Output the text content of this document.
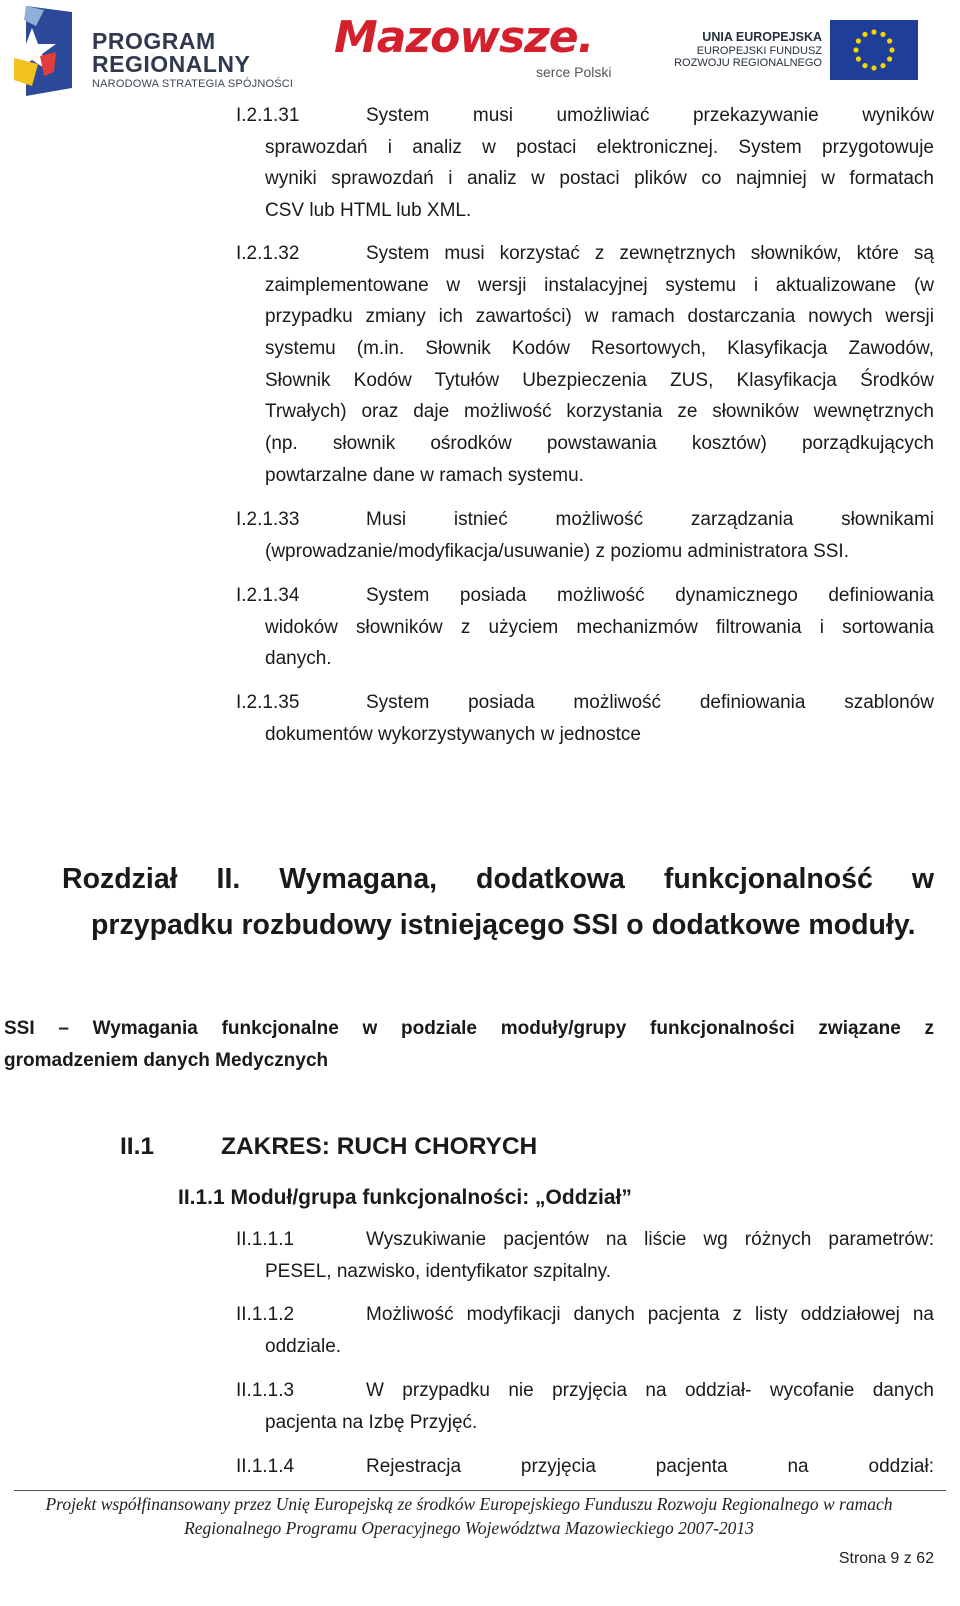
PROGRAM
REGIONALNY
NARODOWA STRATEGIA SPÓJNOŚCI
Mazowsze.
serce Polski
UNIA EUROPEJSKA
EUROPEJSKI FUNDUSZ
ROZWOJU REGIONALNEGO
I.2.1.31	System musi umożliwiać przekazywanie wyników
sprawozdań i analiz w postaci elektronicznej. System przygotowuje
wyniki sprawozdań i analiz w postaci plików co najmniej w formatach
CSV lub HTML lub XML.
I.2.1.32	System musi korzystać z zewnętrznych słowników, które są
zaimplementowane w wersji instalacyjnej systemu i aktualizowane (w
przypadku zmiany ich zawartości) w ramach dostarczania nowych wersji
systemu (m.in. Słownik Kodów Resortowych, Klasyfikacja Zawodów,
Słownik Kodów Tytułów Ubezpieczenia ZUS, Klasyfikacja Środków
Trwałych) oraz daje możliwość korzystania ze słowników wewnętrznych
(np. słownik ośrodków powstawania kosztów) porządkujących
powtarzalne dane w ramach systemu.
I.2.1.33	Musi istnieć możliwość zarządzania słownikami
(wprowadzanie/modyfikacja/usuwanie) z poziomu administratora SSI.
I.2.1.34	System posiada możliwość dynamicznego definiowania
widoków słowników z użyciem mechanizmów filtrowania i sortowania
danych.
I.2.1.35	System posiada możliwość definiowania szablonów
dokumentów wykorzystywanych w jednostce
Rozdział II. Wymagana, dodatkowa funkcjonalność w
przypadku rozbudowy istniejącego SSI o dodatkowe moduły.
SSI – Wymagania funkcjonalne w podziale moduły/grupy funkcjonalności związane z
gromadzeniem danych Medycznych
II.1	ZAKRES: RUCH CHORYCH
II.1.1 Moduł/grupa funkcjonalności: „Oddział”
II.1.1.1	Wyszukiwanie pacjentów na liście wg różnych parametrów:
PESEL, nazwisko, identyfikator szpitalny.
II.1.1.2	Możliwość modyfikacji danych pacjenta z listy oddziałowej na
oddziale.
II.1.1.3	W przypadku nie przyjęcia na oddział- wycofanie danych
pacjenta na Izbę Przyjęć.
II.1.1.4	Rejestracja przyjęcia pacjenta na oddział:
Projekt współfinansowany przez Unię Europejską ze środków Europejskiego Funduszu Rozwoju Regionalnego w ramach
Regionalnego Programu Operacyjnego Województwa Mazowieckiego 2007-2013
Strona 9 z 62
